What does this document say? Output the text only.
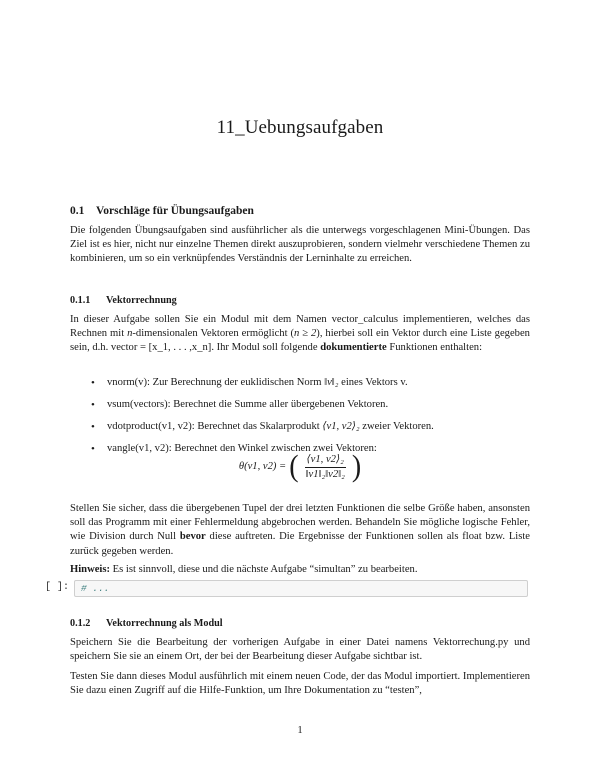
11_Uebungsaufgaben
0.1 Vorschläge für Übungsaufgaben

Die folgenden Übungsaufgaben sind ausführlicher als die unterwegs vorgeschlagenen Mini-Übungen. Das Ziel ist es hier, nicht nur einzelne Themen direkt auszuprobieren, sondern vielmehr verschiedene Themen zu kombinieren, um so ein verknüpfendes Verständnis der Lerninhalte zu erreichen.

0.1.1 Vektorrechnung

In dieser Aufgabe sollen Sie ein Modul mit dem Namen vector_calculus implementieren, welches das Rechnen mit n-dimensionalen Vektoren ermöglicht (n ≥ 2), hierbei soll ein Vektor durch eine Liste gegeben sein, d.h. vector = [x_1, . . . ,x_n]. Ihr Modul soll folgende dokumentierte Funktionen enthalten:

• vnorm(v): Zur Berechnung der euklidischen Norm ‖v‖₂ eines Vektors v.
• vsum(vectors): Berechnet die Summe aller übergebenen Vektoren.
• vdotproduct(v1, v2): Berechnet das Skalarprodukt ⟨v1, v2⟩₂ zweier Vektoren.
• vangle(v1, v2): Berechnet den Winkel zwischen zwei Vektoren:
θ(v1, v2) = ( $\frac{\text{⟨v1, v2⟩₂}}{\text{‖v1‖₂‖v2‖₂}}$ )

Stellen Sie sicher, dass die übergebenen Tupel der drei letzten Funktionen die selbe Größe haben, ansonsten soll das Programm mit einer Fehlermeldung abgebrochen werden. Behandeln Sie mögliche logische Fehler, wie Division durch Null bevor diese auftreten. Die Ergebnisse der Funktionen sollen als float bzw. Liste zurück gegeben werden.

Hinweis: Es ist sinnvoll, diese und die nächste Aufgabe “simultan” zu bearbeiten.

0.1.2 Vektorrechnung als Modul

Speichern Sie die Bearbeitung der vorherigen Aufgabe in einer Datei namens Vektorrechung.py und speichern Sie sie an einem Ort, der bei der Bearbeitung dieser Aufgabe sichtbar ist.

Testen Sie dann dieses Modul ausführlich mit einem neuen Code, der das Modul importiert. Implementieren Sie dazu einen Zugriff auf die Hilfe-Funktion, um Ihre Dokumentation zu “testen”,

[ ]: # ...
1
